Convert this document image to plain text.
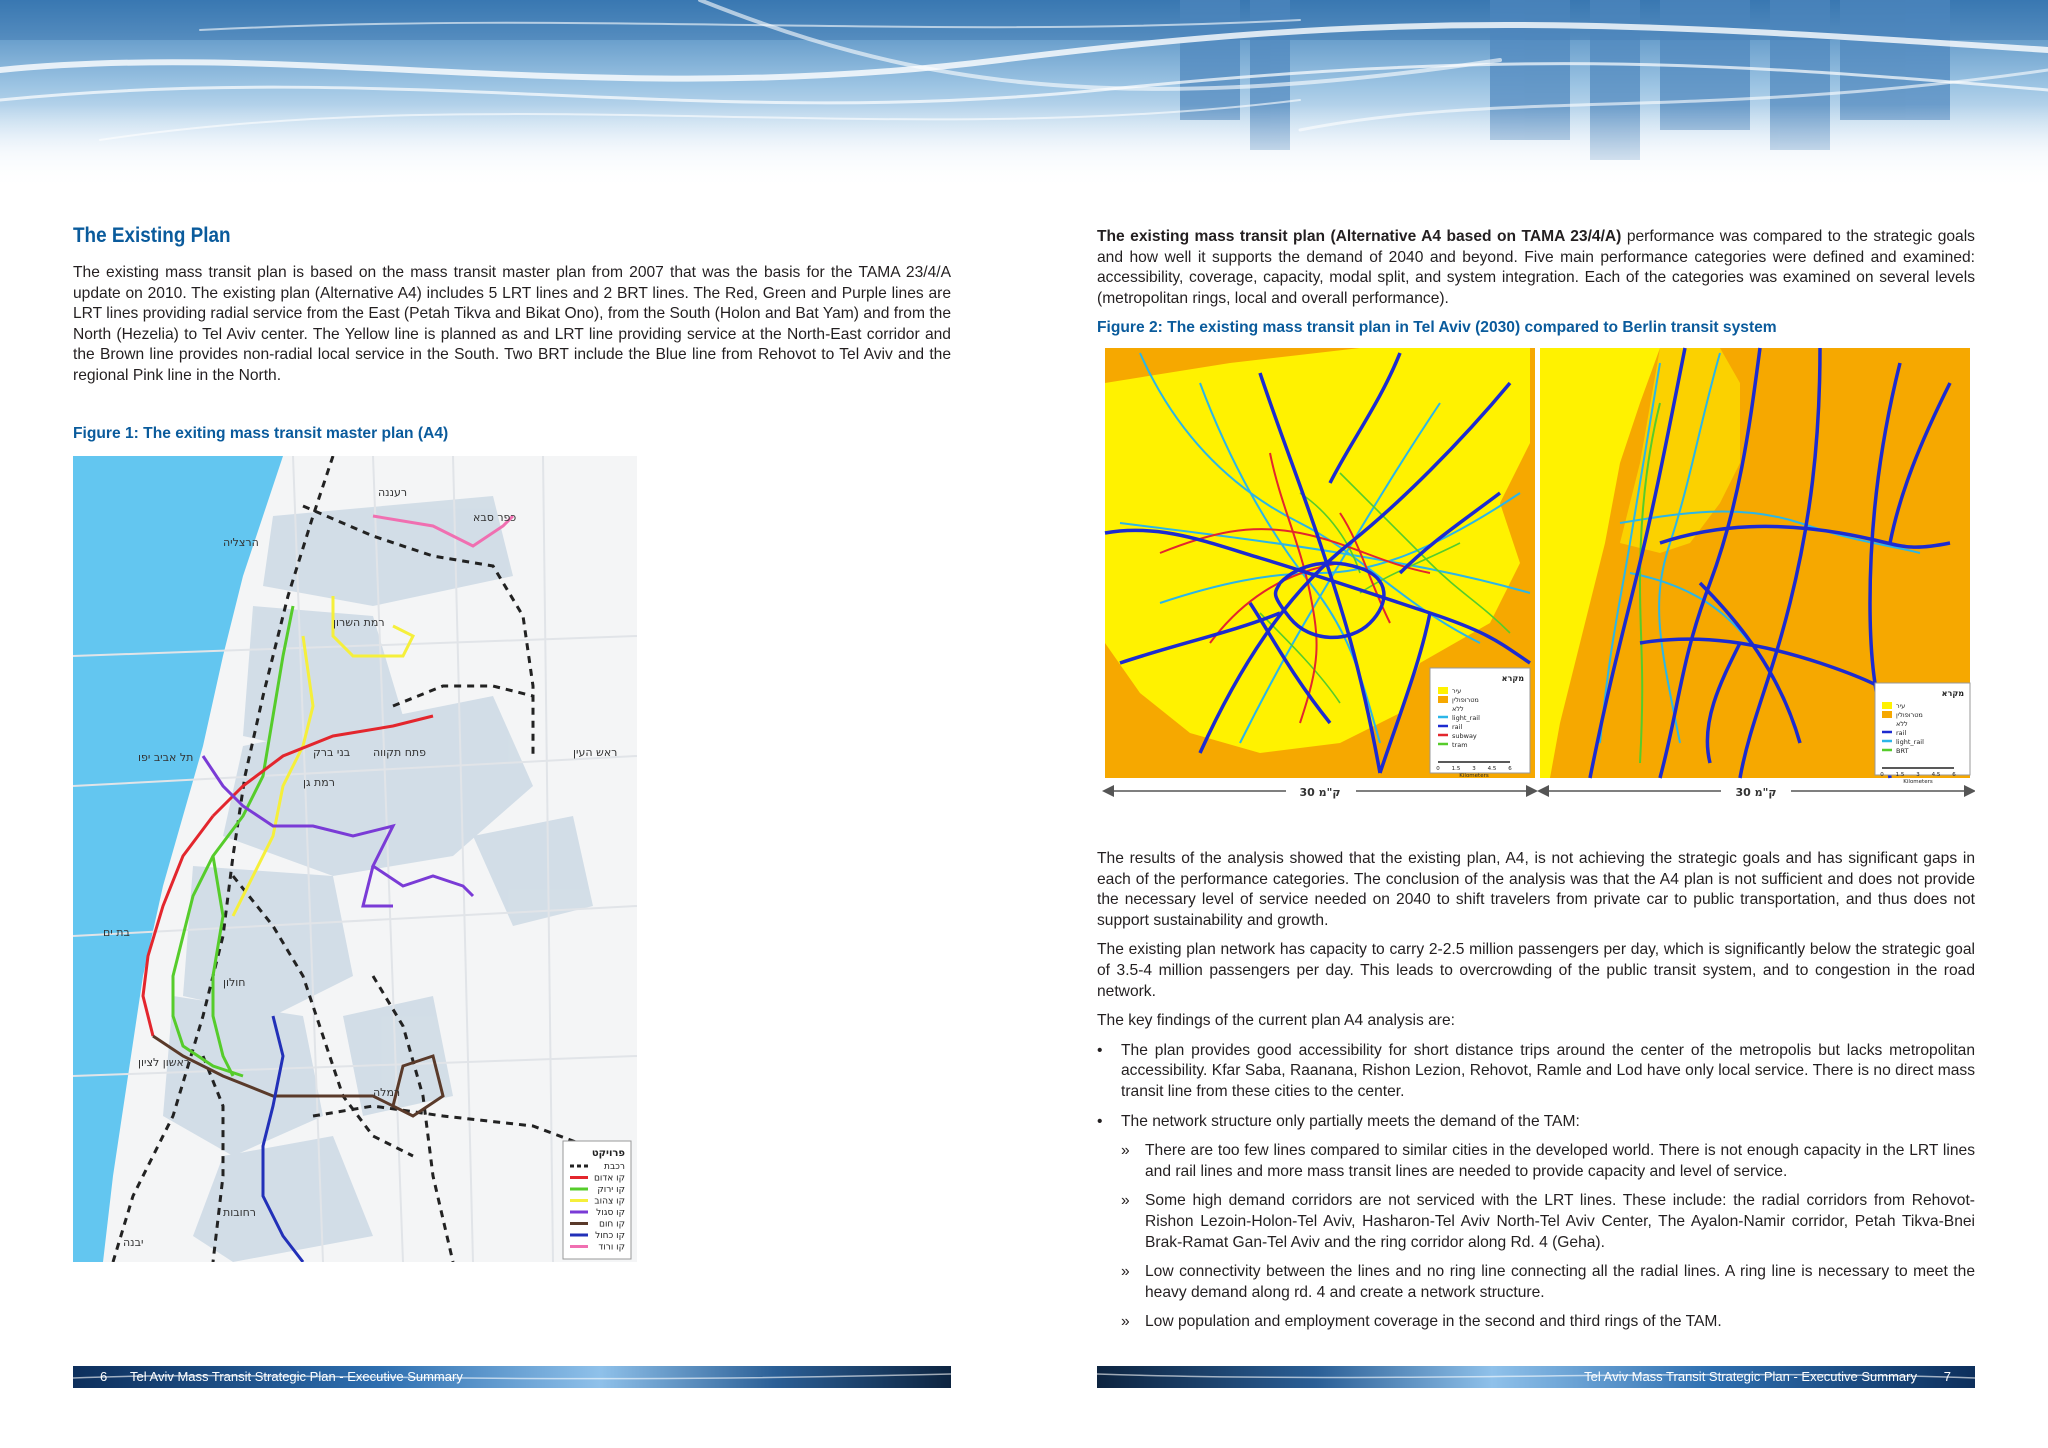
The Existing Plan

The existing mass transit plan is based on the mass transit master plan from 2007 that was the basis for the TAMA 23/4/A update on 2010. The existing plan (Alternative A4) includes 5 LRT lines and 2 BRT lines. The Red, Green and Purple lines are LRT lines providing radial service from the East (Petah Tikva and Bikat Ono), from the South (Holon and Bat Yam) and from the North (Hezelia) to Tel Aviv center. The Yellow line is planned as and LRT line providing service at the North-East corridor and the Brown line provides non-radial local service in the South. Two BRT include the Blue line from Rehovot to Tel Aviv and the regional Pink line in the North.

Figure 1: The exiting mass transit master plan (A4)
רעננה
כפר סבא
הרצליה
רמת השרון
תל אביב יפו	בני ברק פתח תקווה	ראש העין
רמת גן
בת ים
חולון
ראשון לציון
רמלה
רחובות
יבנה
פרויקט
רכבת
קו אדום
קו ירוק
קו צהוב
קו סגול
קו חום
קו כחול
קו ורוד
6 Tel Aviv Mass Transit Strategic Plan - Executive Summary

The existing mass transit plan (Alternative A4 based on TAMA 23/4/A) performance was compared to the strategic goals and how well it supports the demand of 2040 and beyond. Five main performance categories were defined and examined: accessibility, coverage, capacity, modal split, and system integration. Each of the categories was examined on several levels (metropolitan rings, local and overall performance).

Figure 2: The existing mass transit plan in Tel Aviv (2030) compared to Berlin transit system
מקרא
עיר
מטרופולין
ללא
light_rail
rail
subway
tram
0 1.5 3 4.5 6
Kilometers
מקרא
עיר
מטרופולין
ללא
rail
light_rail
BRT
0 1.5 3 4.5 6
Kilometers
30 ק"מ	30 ק"מ

The results of the analysis showed that the existing plan, A4, is not achieving the strategic goals and has significant gaps in each of the performance categories. The conclusion of the analysis was that the A4 plan is not sufficient and does not provide the necessary level of service needed on 2040 to shift travelers from private car to public transportation, and thus does not support sustainability and growth.

The existing plan network has capacity to carry 2-2.5 million passengers per day, which is significantly below the strategic goal of 3.5-4 million passengers per day. This leads to overcrowding of the public transit system, and to congestion in the road network.

The key findings of the current plan A4 analysis are:

• The plan provides good accessibility for short distance trips around the center of the metropolis but lacks metropolitan accessibility. Kfar Saba, Raanana, Rishon Lezion, Rehovot, Ramle and Lod have only local service. There is no direct mass transit line from these cities to the center.
• The network structure only partially meets the demand of the TAM:
» There are too few lines compared to similar cities in the developed world. There is not enough capacity in the LRT lines and rail lines and more mass transit lines are needed to provide capacity and level of service.
» Some high demand corridors are not serviced with the LRT lines. These include: the radial corridors from Rehovot-Rishon Lezoin-Holon-Tel Aviv, Hasharon-Tel Aviv North-Tel Aviv Center, The Ayalon-Namir corridor, Petah Tikva-Bnei Brak-Ramat Gan-Tel Aviv and the ring corridor along Rd. 4 (Geha).
» Low connectivity between the lines and no ring line connecting all the radial lines. A ring line is necessary to meet the heavy demand along rd. 4 and create a network structure.
» Low population and employment coverage in the second and third rings of the TAM.
Tel Aviv Mass Transit Strategic Plan - Executive Summary 7
